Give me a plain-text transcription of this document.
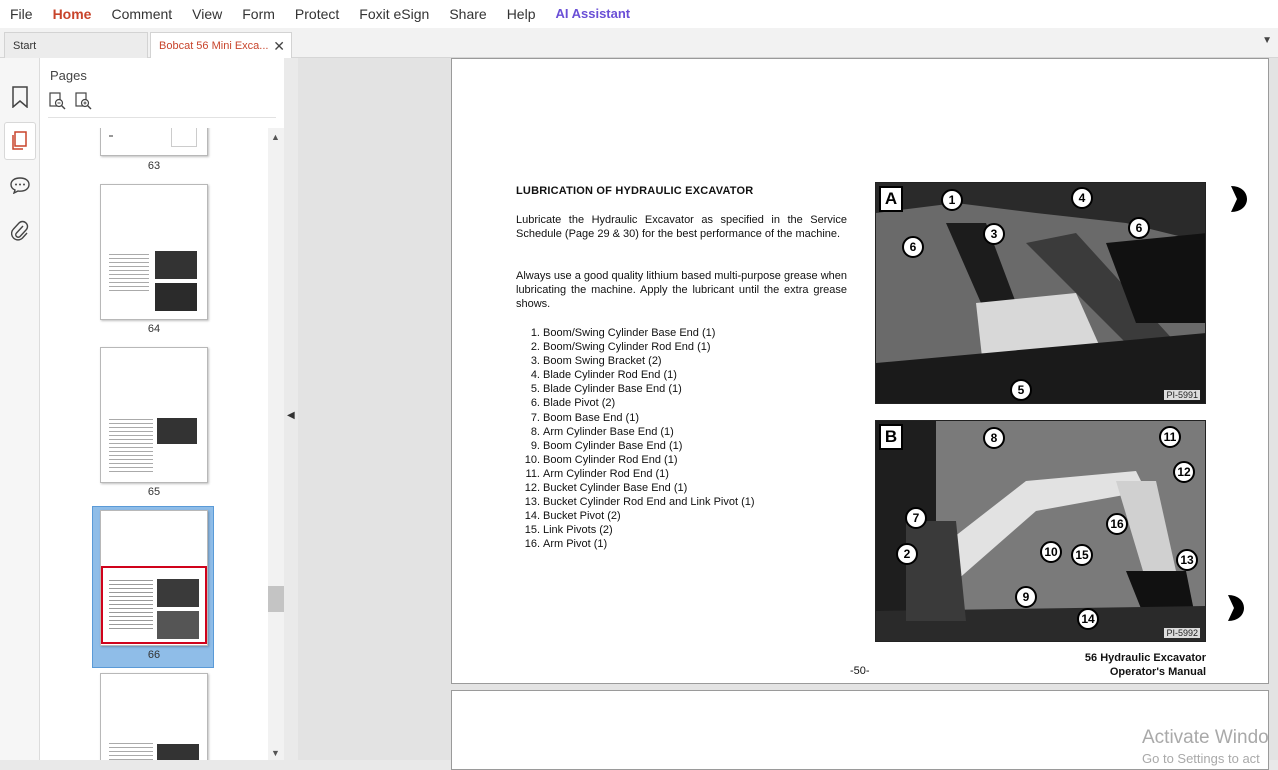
File	Home	Comment	View	Form	Protect	Foxit eSign	Share	Help	AI Assistant
Start	Bobcat 56 Mini Exca... ✕	▼
Pages
63
64
65
66
▲
▼
◀
LUBRICATION OF HYDRAULIC EXCAVATOR
Lubricate the Hydraulic Excavator as specified in the Service Schedule (Page 29 & 30) for the best performance of the machine.
Always use a good quality lithium based multi-purpose grease when lubricating the machine. Apply the lubricant until the extra grease shows.
1. Boom/Swing Cylinder Base End (1)
2. Boom/Swing Cylinder Rod End (1)
3. Boom Swing Bracket (2)
4. Blade Cylinder Rod End (1)
5. Blade Cylinder Base End (1)
6. Blade Pivot (2)
7. Boom Base End (1)
8. Arm Cylinder Base End (1)
9. Boom Cylinder Base End (1)
10. Boom Cylinder Rod End (1)
11. Arm Cylinder Rod End (1)
12. Bucket Cylinder Base End (1)
13. Bucket Cylinder Rod End and Link Pivot (1)
14. Bucket Pivot (2)
15. Link Pivots (2)
16. Arm Pivot (1)
A	1
3
4
6
6
5	PI-5991
B	8	11
12
7	16
2	10	15	13
9
14
PI-5992
-50-
56 Hydraulic Excavator
Operator's Manual
Activate Windo
Go to Settings to act
